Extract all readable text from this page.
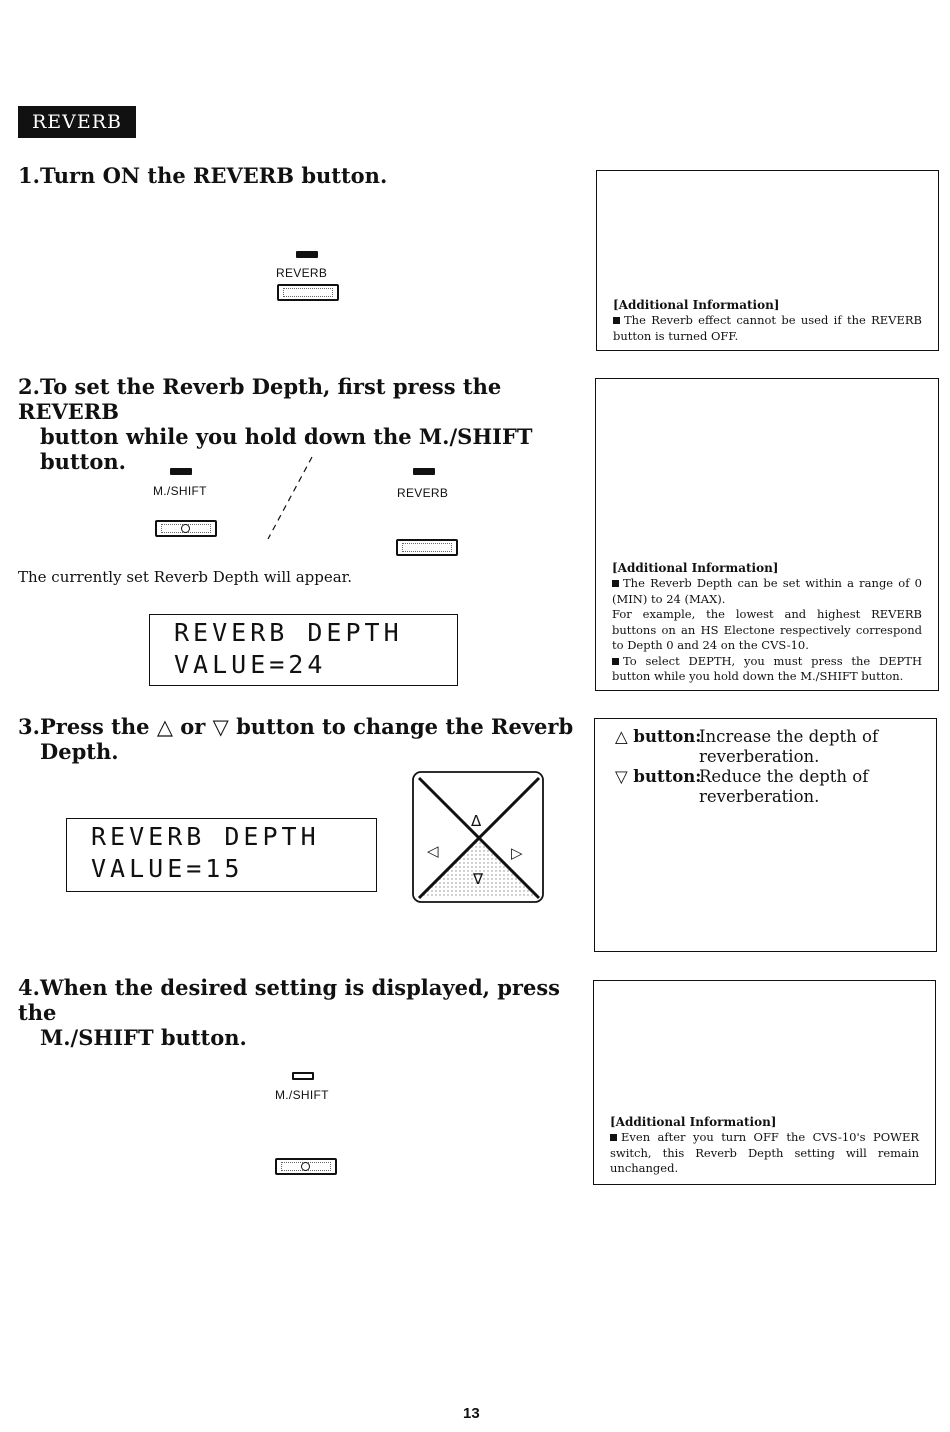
REVERB

1.Turn ON the REVERB button.

REVERB
[Additional Information]
The Reverb effect cannot be used if the REVERB button is turned OFF.

2.To set the Reverb Depth, first press the REVERB
button while you hold down the M./SHIFT button.

M./SHIFT	REVERB
The currently set Reverb Depth will appear.
REVERB DEPTH
VALUE=24
[Additional Information]
The Reverb Depth can be set within a range of 0 (MIN) to 24 (MAX).
For example, the lowest and highest REVERB buttons on an HS Electone respectively correspond to Depth 0 and 24 on the CVS-10.
To select DEPTH, you must press the DEPTH button while you hold down the M./SHIFT button.

3.Press the △ or ▽ button to change the Reverb
Depth.

REVERB DEPTH
VALUE=15
Δ
∇
◁	▷
△ button:
Increase the depth of reverberation.
▽ button:
Reduce the depth of reverberation.

4.When the desired setting is displayed, press the
M./SHIFT button.

M./SHIFT
[Additional Information]
Even after you turn OFF the CVS-10's POWER switch, this Reverb Depth setting will remain unchanged.
13
